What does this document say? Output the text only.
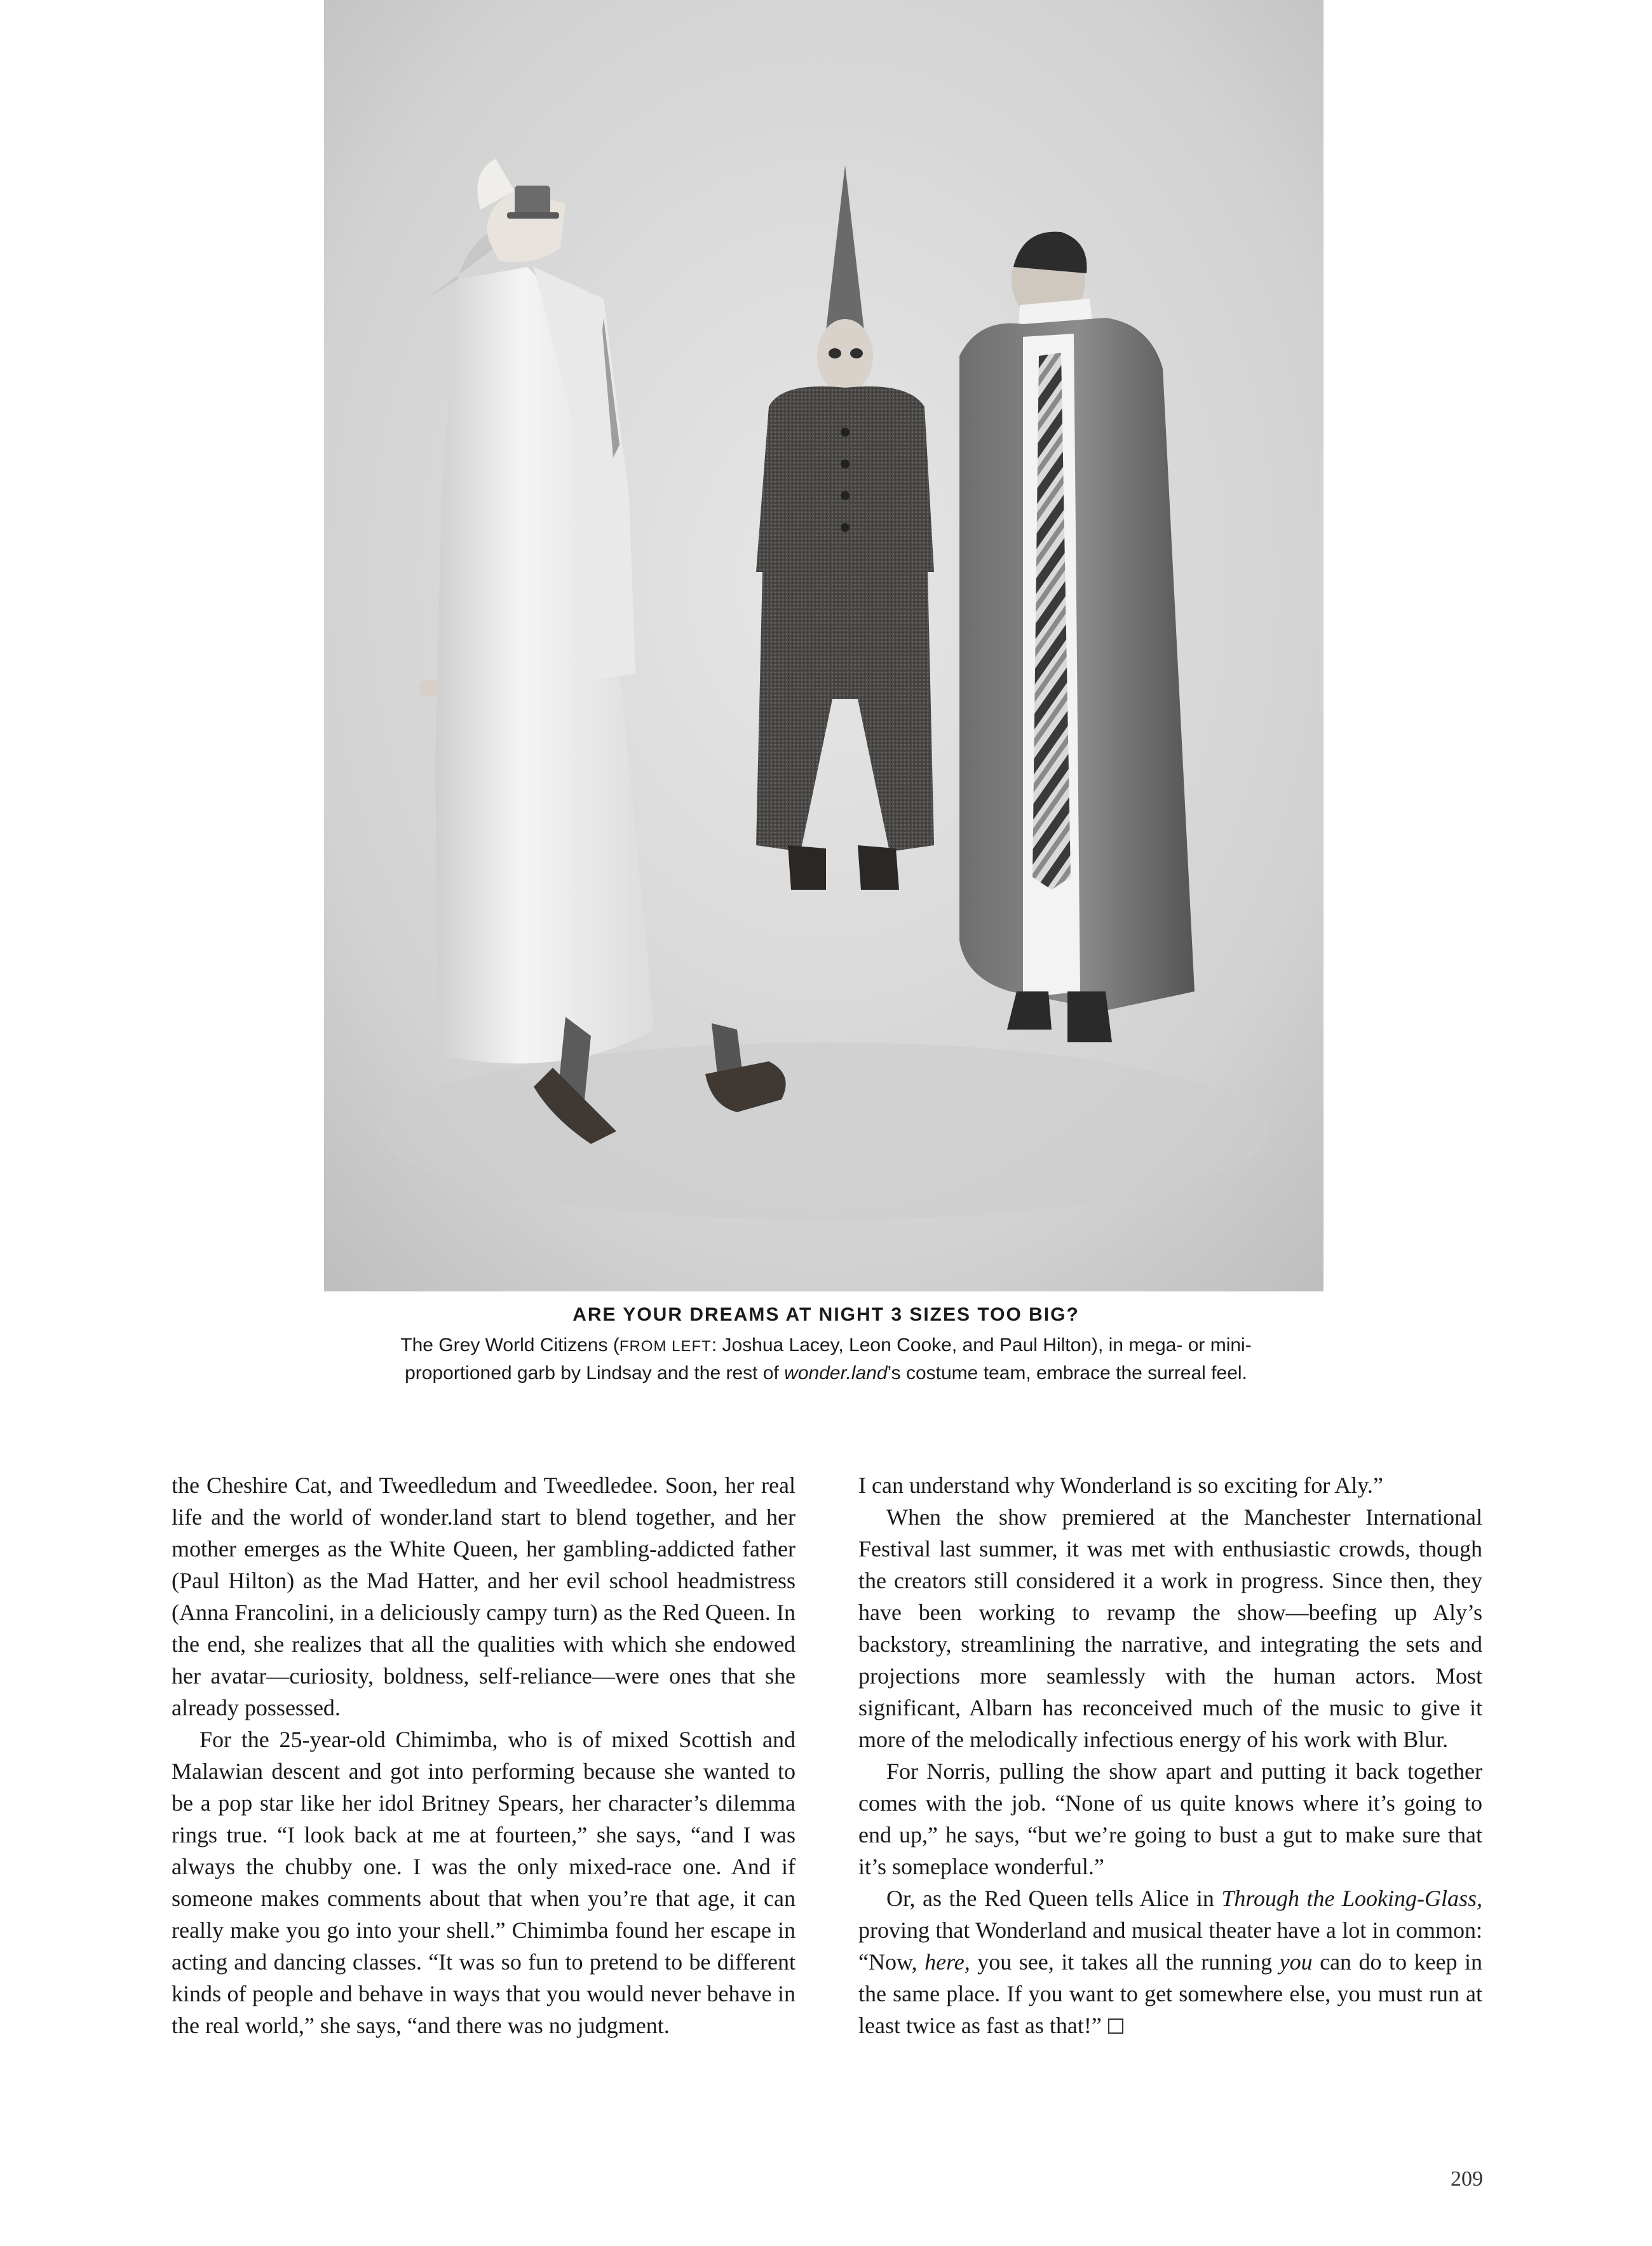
ARE YOUR DREAMS AT NIGHT 3 SIZES TOO BIG?

The Grey World Citizens (FROM LEFT: Joshua Lacey, Leon Cooke, and Paul Hilton), in mega- or mini-
proportioned garb by Lindsay and the rest of wonder.land’s costume team, embrace the surreal feel.

the Cheshire Cat, and Tweedledum and Tweedledee. Soon, her real life and the world of wonder.land start to blend together, and her mother emerges as the White Queen, her gambling-addicted father (Paul Hilton) as the Mad Hatter, and her evil school headmistress (Anna Francolini, in a deliciously campy turn) as the Red Queen. In the end, she realizes that all the qualities with which she endowed her avatar—curiosity, boldness, self-reliance—were ones that she already possessed.

For the 25-year-old Chimimba, who is of mixed Scottish and Malawian descent and got into performing because she wanted to be a pop star like her idol Britney Spears, her character’s dilemma rings true. “I look back at me at fourteen,” she says, “and I was always the chubby one. I was the only mixed-race one. And if someone makes comments about that when you’re that age, it can really make you go into your shell.” Chimimba found her escape in acting and dancing classes. “It was so fun to pretend to be different kinds of people and behave in ways that you would never behave in the real world,” she says, “and there was no judgment.

I can understand why Wonderland is so exciting for Aly.”

When the show premiered at the Manchester International Festival last summer, it was met with enthusiastic crowds, though the creators still considered it a work in progress. Since then, they have been working to revamp the show—beefing up Aly’s backstory, streamlining the narrative, and integrating the sets and projections more seamlessly with the human actors. Most significant, Albarn has reconceived much of the music to give it more of the melodically infectious energy of his work with Blur.

For Norris, pulling the show apart and putting it back together comes with the job. “None of us quite knows where it’s going to end up,” he says, “but we’re going to bust a gut to make sure that it’s someplace wonderful.”

Or, as the Red Queen tells Alice in Through the Looking-Glass, proving that Wonderland and musical theater have a lot in common: “Now, here, you see, it takes all the running you can do to keep in the same place. If you want to get somewhere else, you must run at least twice as fast as that!”

209
